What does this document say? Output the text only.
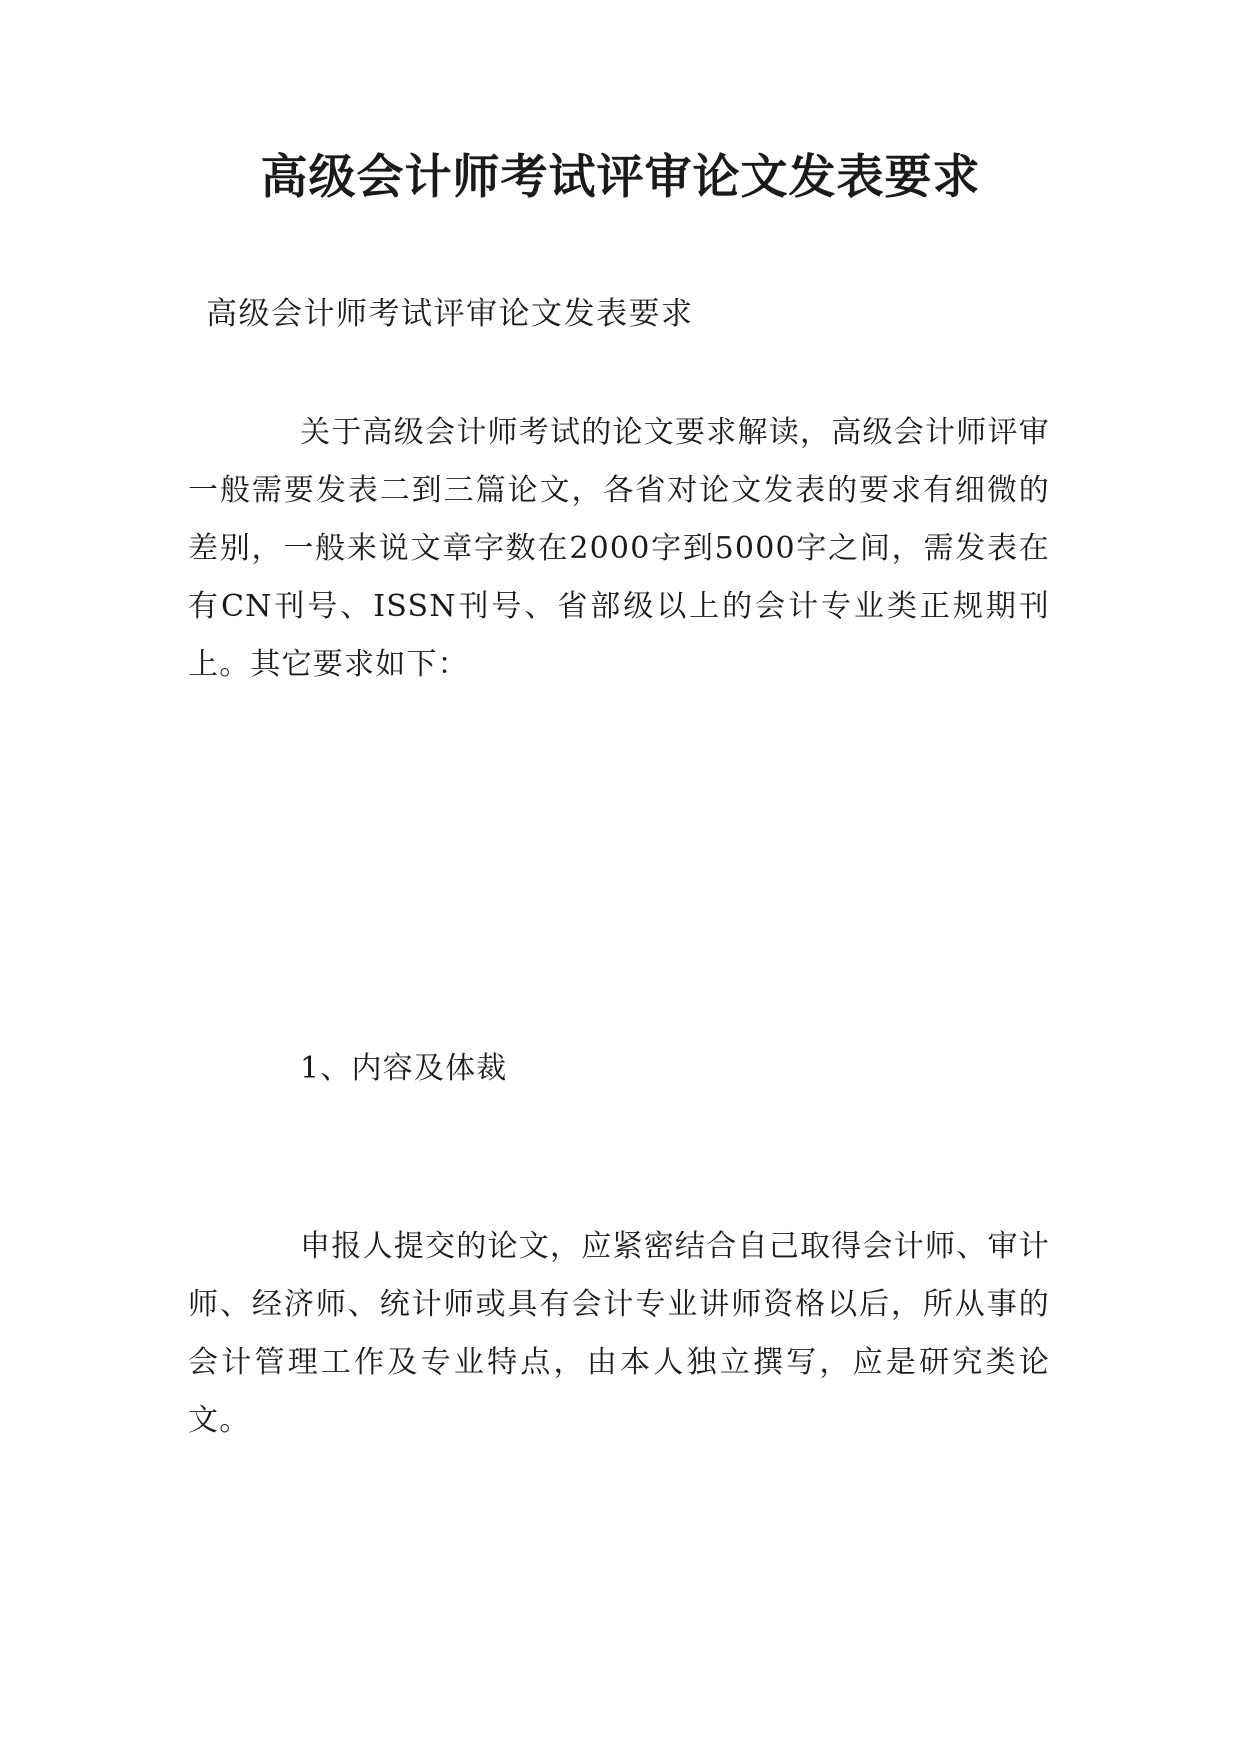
高级会计师考试评审论文发表要求

高级会计师考试评审论文发表要求

关于高级会计师考试的论文要求解读，高级会计师评审一般需要发表二到三篇论文，各省对论文发表的要求有细微的差别，一般来说文章字数在2000字到5000字之间，需发表在有CN刊号、ISSN刊号、省部级以上的会计专业类正规期刊上。其它要求如下：

1、内容及体裁

申报人提交的论文，应紧密结合自己取得会计师、审计师、经济师、统计师或具有会计专业讲师资格以后，所从事的会计管理工作及专业特点，由本人独立撰写，应是研究类论文。
